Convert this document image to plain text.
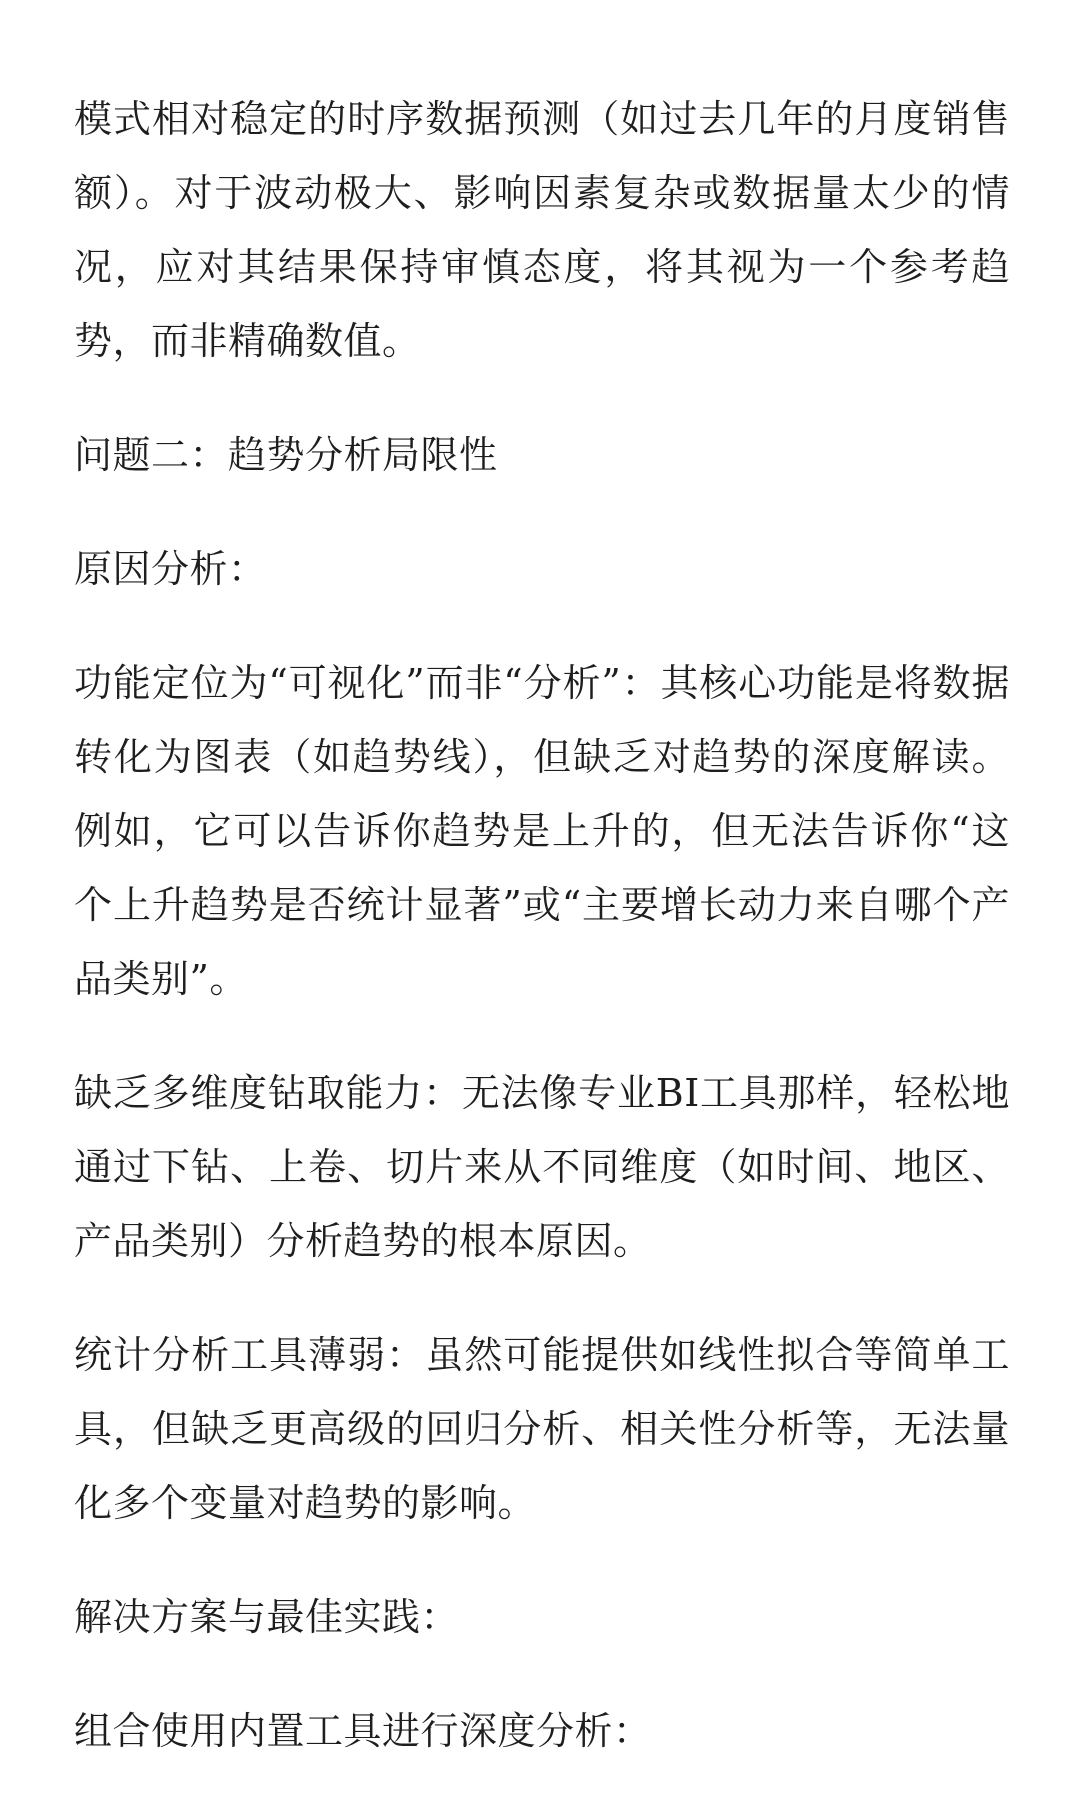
模式相对稳定的时序数据预测（如过去几年的月度销售额）。对于波动极大、影响因素复杂或数据量太少的情况，应对其结果保持审慎态度，将其视为一个参考趋势，而非精确数值。

问题二：趋势分析局限性

原因分析：

功能定位为“可视化”而非“分析”：其核心功能是将数据转化为图表（如趋势线），但缺乏对趋势的深度解读。例如，它可以告诉你趋势是上升的，但无法告诉你“这个上升趋势是否统计显著”或“主要增长动力来自哪个产品类别”。

缺乏多维度钻取能力：无法像专业BI工具那样，轻松地通过下钻、上卷、切片来从不同维度（如时间、地区、产品类别）分析趋势的根本原因。

统计分析工具薄弱：虽然可能提供如线性拟合等简单工具，但缺乏更高级的回归分析、相关性分析等，无法量化多个变量对趋势的影响。

解决方案与最佳实践：

组合使用内置工具进行深度分析：
